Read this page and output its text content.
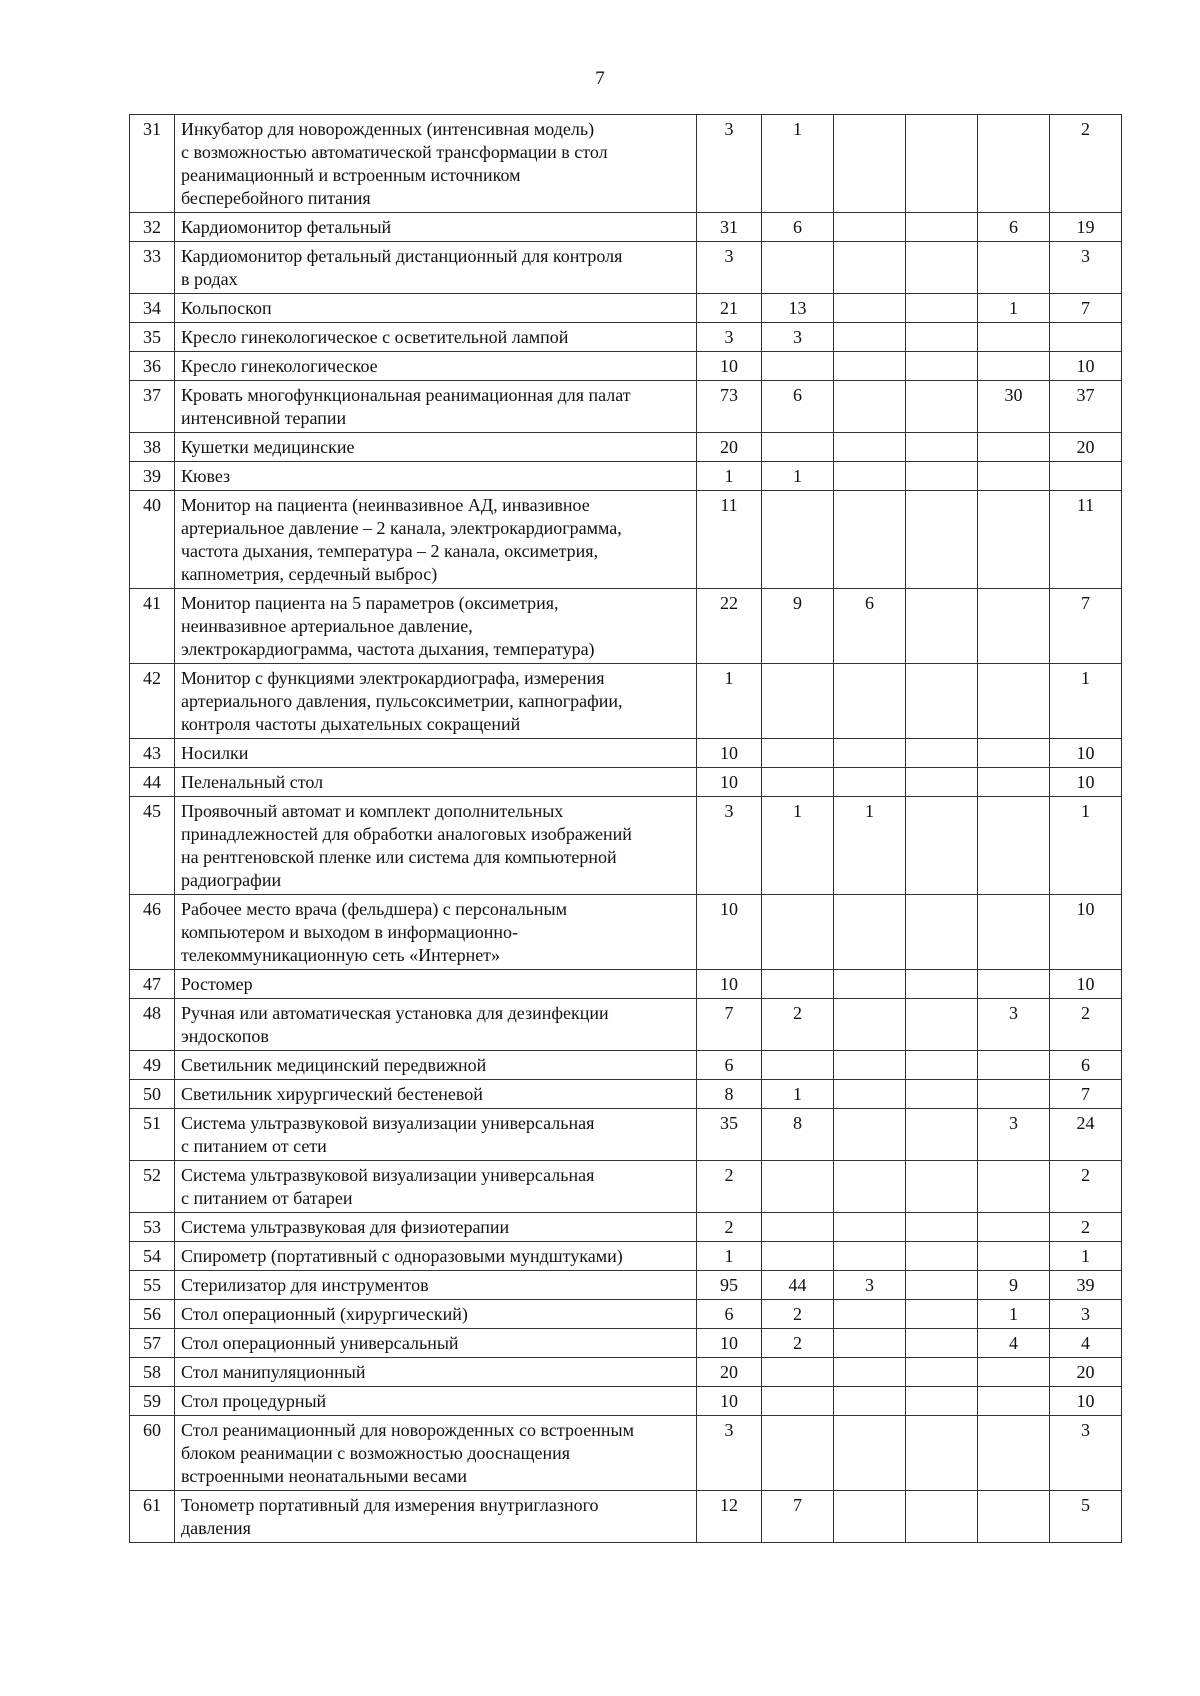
7
31	Инкубатор для новорожденных (интенсивная модель)
с возможностью автоматической трансформации в стол
реанимационный и встроенным источником
бесперебойного питания	3	1				2
32	Кардиомонитор фетальный	31	6			6	19
33	Кардиомонитор фетальный дистанционный для контроля
в родах	3					3
34	Кольпоскоп	21	13			1	7
35	Кресло гинекологическое с осветительной лампой	3	3				
36	Кресло гинекологическое	10					10
37	Кровать многофункциональная реанимационная для палат
интенсивной терапии	73	6			30	37
38	Кушетки медицинские	20					20
39	Кювез	1	1				
40	Монитор на пациента (неинвазивное АД, инвазивное
артериальное давление – 2 канала, электрокардиограмма,
частота дыхания, температура – 2 канала, оксиметрия,
капнометрия, сердечный выброс)	11					11
41	Монитор пациента на 5 параметров (оксиметрия,
неинвазивное артериальное давление,
электрокардиограмма, частота дыхания, температура)	22	9	6			7
42	Монитор с функциями электрокардиографа, измерения
артериального давления, пульсоксиметрии, капнографии,
контроля частоты дыхательных сокращений	1					1
43	Носилки	10					10
44	Пеленальный стол	10					10
45	Проявочный автомат и комплект дополнительных
принадлежностей для обработки аналоговых изображений
на рентгеновской пленке или система для компьютерной
радиографии	3	1	1			1
46	Рабочее место врача (фельдшера) с персональным
компьютером и выходом в информационно-
телекоммуникационную сеть «Интернет»	10					10
47	Ростомер	10					10
48	Ручная или автоматическая установка для дезинфекции
эндоскопов	7	2			3	2
49	Светильник медицинский передвижной	6					6
50	Светильник хирургический бестеневой	8	1				7
51	Система ультразвуковой визуализации универсальная
с питанием от сети	35	8			3	24
52	Система ультразвуковой визуализации универсальная
с питанием от батареи	2					2
53	Система ультразвуковая для физиотерапии	2					2
54	Спирометр (портативный с одноразовыми мундштуками)	1					1
55	Стерилизатор для инструментов	95	44	3		9	39
56	Стол операционный (хирургический)	6	2			1	3
57	Стол операционный универсальный	10	2			4	4
58	Стол манипуляционный	20					20
59	Стол процедурный	10					10
60	Стол реанимационный для новорожденных со встроенным
блоком реанимации с возможностью дооснащения
встроенными неонатальными весами	3					3
61	Тонометр портативный для измерения внутриглазного
давления	12	7				5
